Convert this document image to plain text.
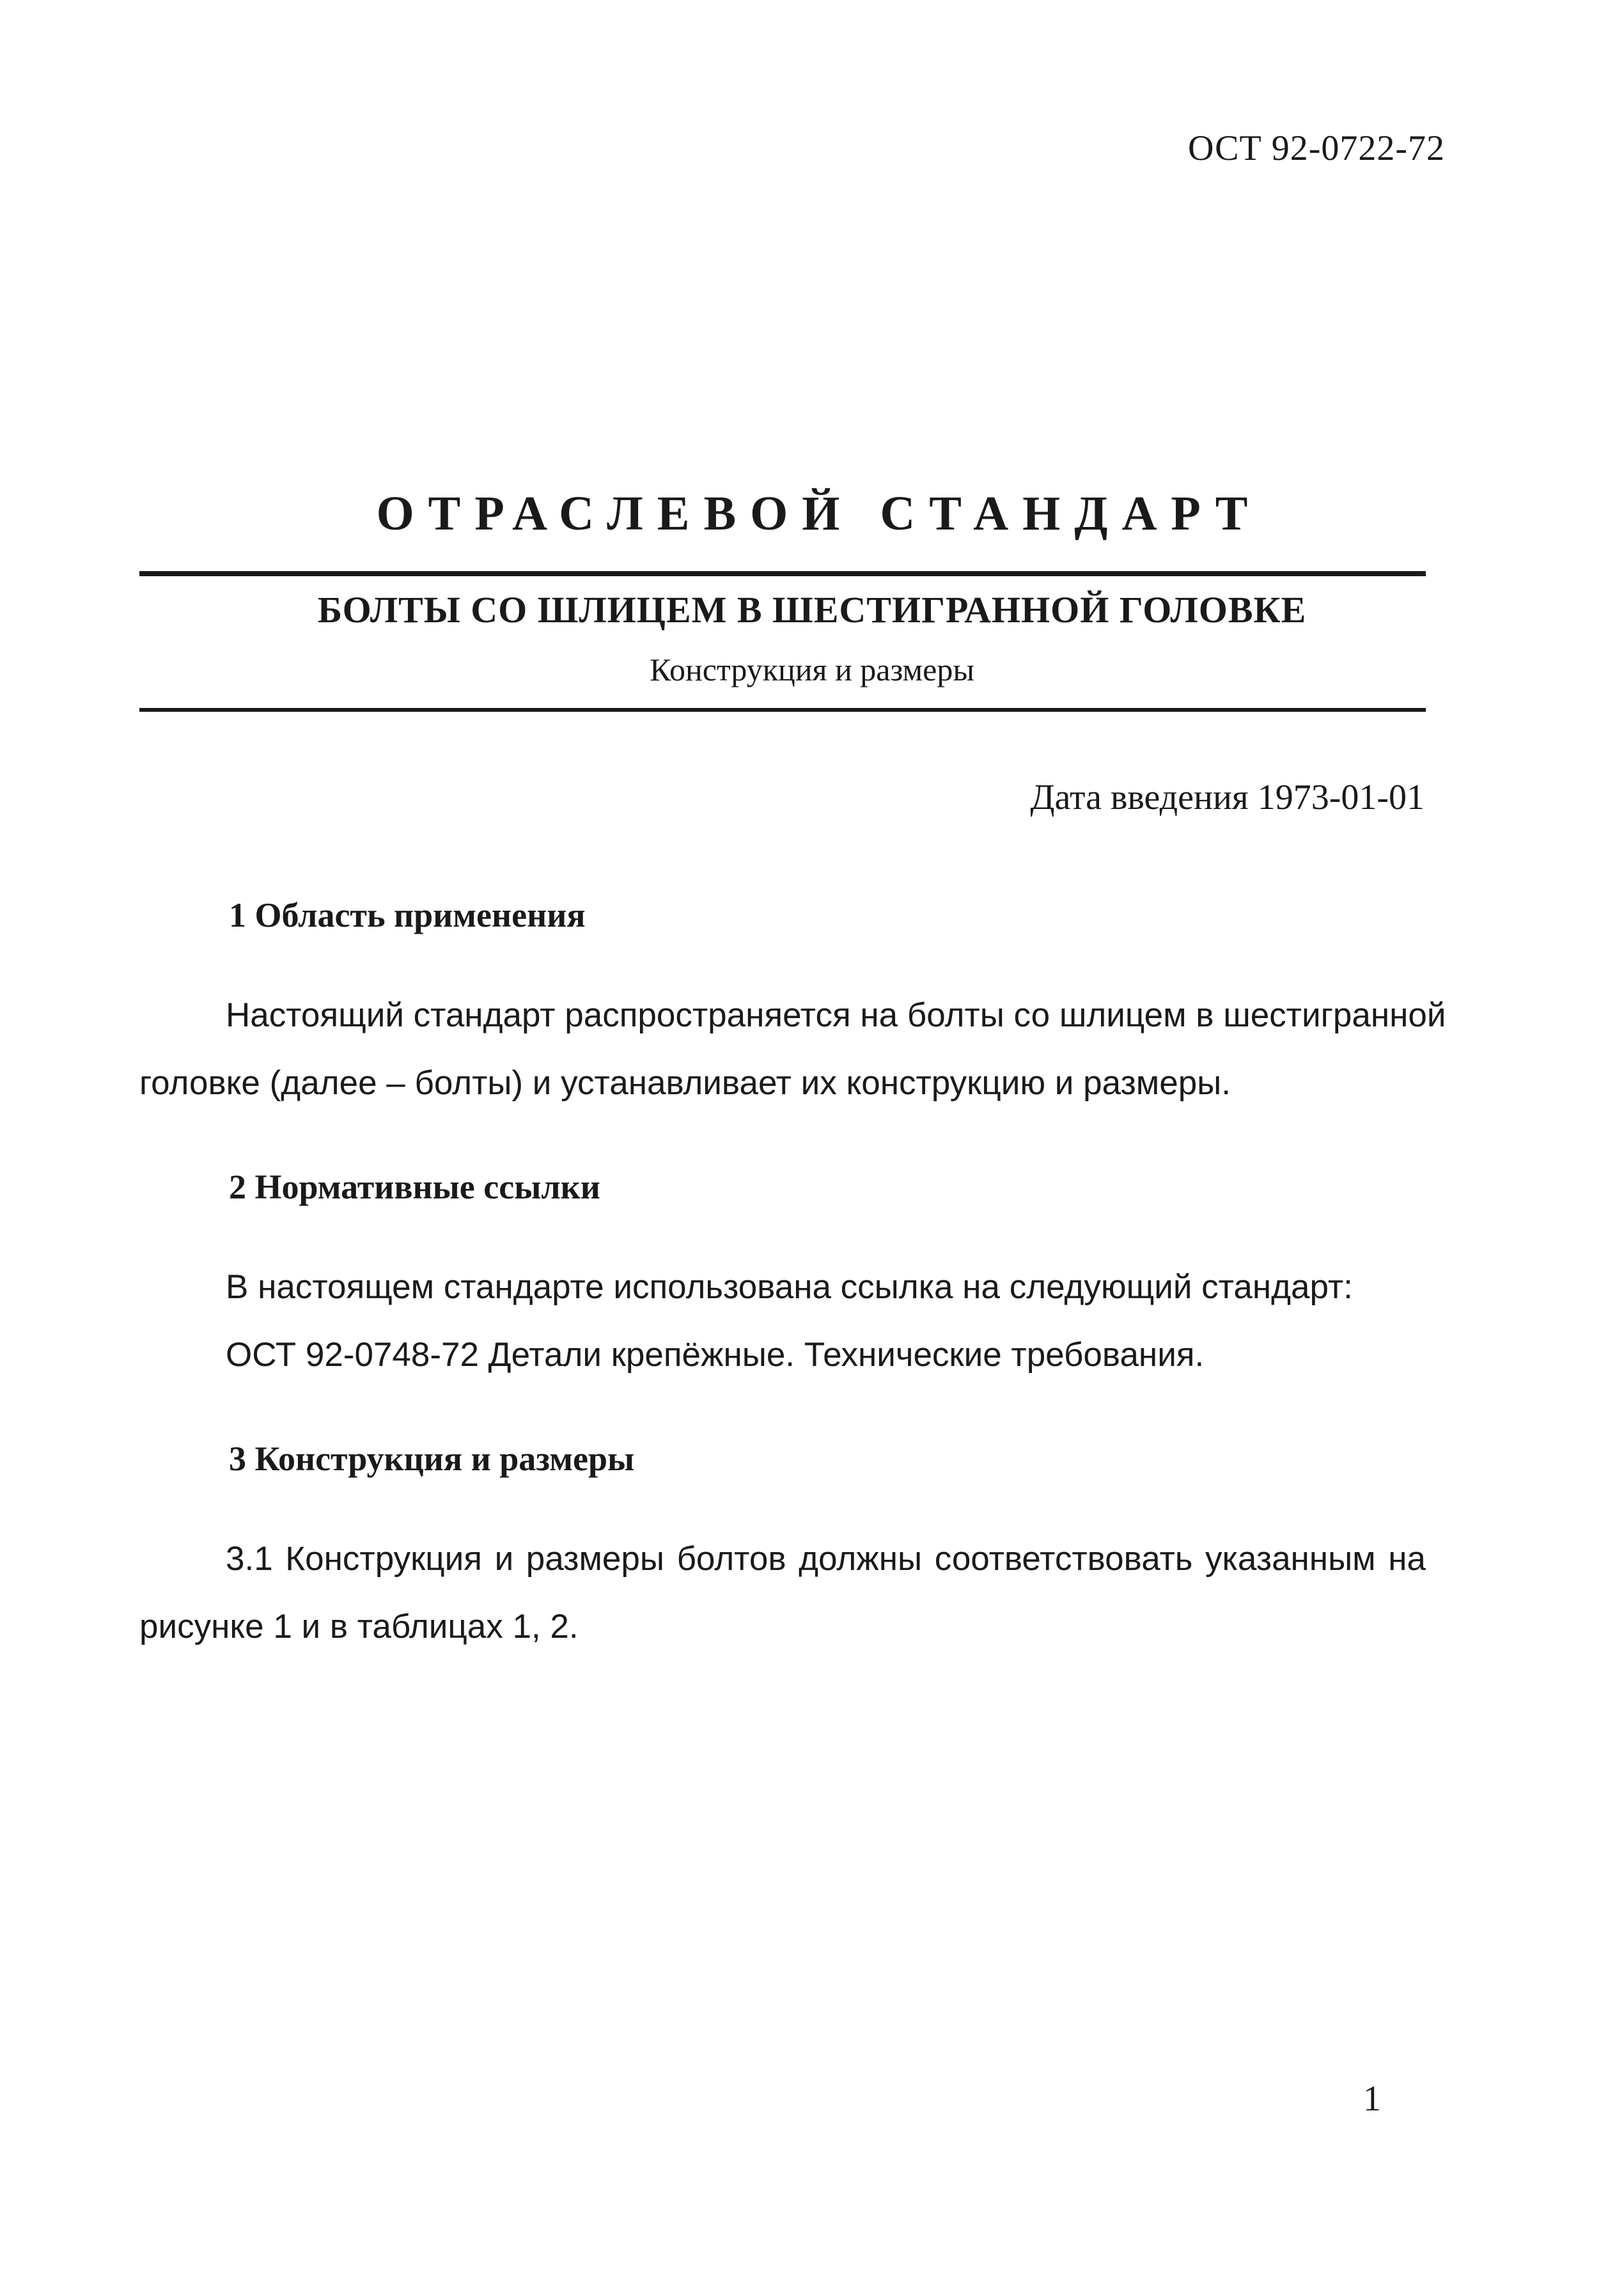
ОСТ 92-0722-72
ОТРАСЛЕВОЙ СТАНДАРТ
БОЛТЫ СО ШЛИЦЕМ В ШЕСТИГРАННОЙ ГОЛОВКЕ
Конструкция и размеры
Дата введения 1973-01-01
1 Область применения
Настоящий стандарт распространяется на болты со шлицем в шестигранной
головке (далее – болты) и устанавливает их конструкцию и размеры.
2 Нормативные ссылки
В настоящем стандарте использована ссылка на следующий стандарт:
ОСТ 92-0748-72 Детали крепёжные. Технические требования.
3 Конструкция и размеры
3.1 Конструкция и размеры болтов должны соответствовать указанным на
рисунке 1 и в таблицах 1, 2.
1
